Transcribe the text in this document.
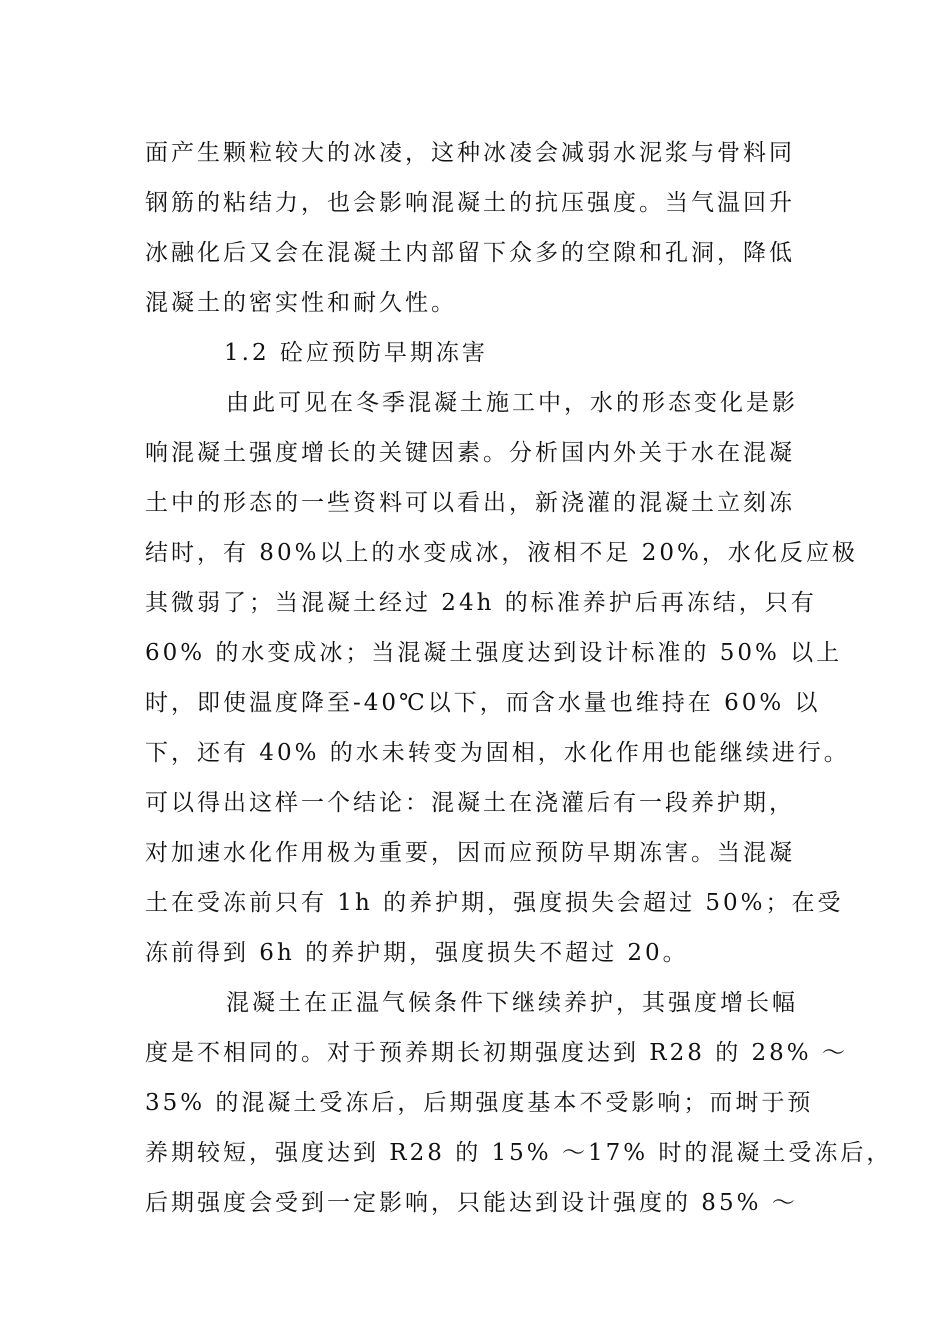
面产生颗粒较大的冰凌，这种冰凌会减弱水泥浆与骨料同
钢筋的粘结力，也会影响混凝土的抗压强度。当气温回升
冰融化后又会在混凝土内部留下众多的空隙和孔洞，降低
混凝土的密实性和耐久性。
1.2 砼应预防早期冻害
由此可见在冬季混凝土施工中，水的形态变化是影
响混凝土强度增长的关键因素。分析国内外关于水在混凝
土中的形态的一些资料可以看出，新浇灌的混凝土立刻冻
结时，有 80%以上的水变成冰，液相不足 20%，水化反应极
其微弱了；当混凝土经过 24h 的标准养护后再冻结，只有
60% 的水变成冰；当混凝土强度达到设计标准的 50% 以上
时，即使温度降至-40℃以下，而含水量也维持在 60% 以
下，还有 40% 的水未转变为固相，水化作用也能继续进行。
可以得出这样一个结论：混凝土在浇灌后有一段养护期，
对加速水化作用极为重要，因而应预防早期冻害。当混凝
土在受冻前只有 1h 的养护期，强度损失会超过 50%；在受
冻前得到 6h 的养护期，强度损失不超过 20。
混凝土在正温气候条件下继续养护，其强度增长幅
度是不相同的。对于预养期长初期强度达到 R28 的 28% ～
35% 的混凝土受冻后，后期强度基本不受影响；而埘于预
养期较短，强度达到 R28 的 15% ～17% 时的混凝土受冻后，
后期强度会受到一定影响，只能达到设计强度的 85% ～
